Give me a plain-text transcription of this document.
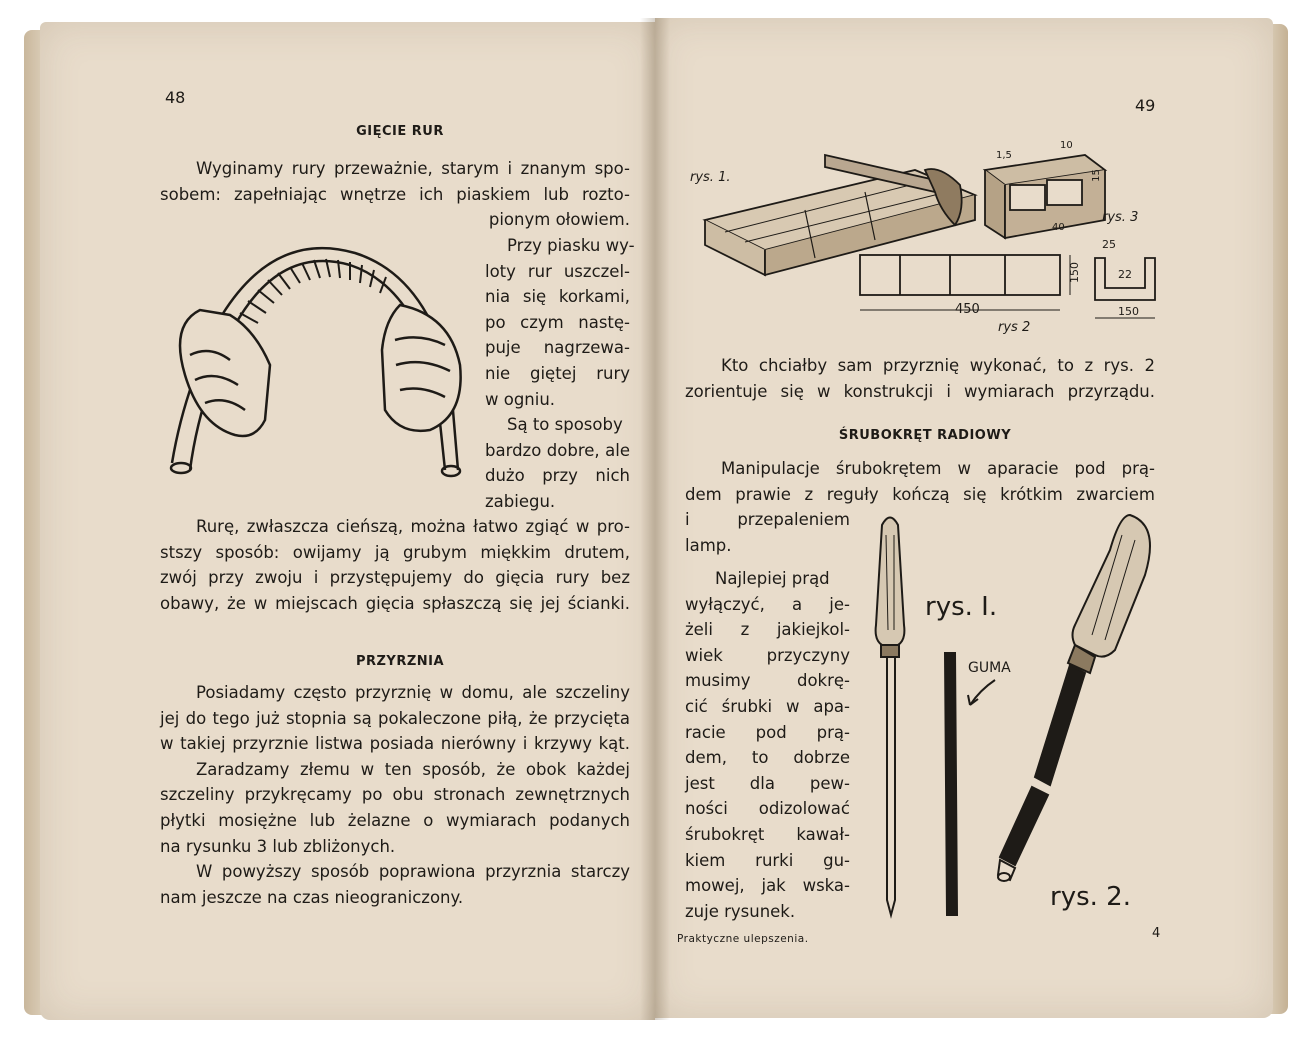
48
GIĘCIE RUR
Wyginamy rury przeważnie, starym i znanym spo-
sobem: zapełniając wnętrze ich piaskiem lub rozto-
pionym ołowiem.
Przy piasku wy-
loty rur uszczel-
nia się korkami,
po czym nastę-
puje nagrzewa-
nie giętej rury
w ogniu.
Są to sposoby
bardzo dobre, ale
dużo przy nich
zabiegu.
Rurę, zwłaszcza cieńszą, można łatwo zgiąć w pro-
stszy sposób: owijamy ją grubym miękkim drutem,
zwój przy zwoju i przystępujemy do gięcia rury bez
obawy, że w miejscach gięcia spłaszczą się jej ścianki.
PRZYRZNIA
Posiadamy często przyrznię w domu, ale szczeliny
jej do tego już stopnia są pokaleczone piłą, że przycięta
w takiej przyrznie listwa posiada nierówny i krzywy kąt.
Zaradzamy złemu w ten sposób, że obok każdej
szczeliny przykręcamy po obu stronach zewnętrznych
płytki mosiężne lub żelazne o wymiarach podanych
na rysunku 3 lub zbliżonych.
W powyższy sposób poprawiona przyrznia starczy
nam jeszcze na czas nieograniczony.
49
rys. 1.
rys. 3
450
rys 2
150
150
25
22
1,5
10
40
15
Kto chciałby sam przyrznię wykonać, to z rys. 2
zorientuje się w konstrukcji i wymiarach przyrządu.
ŚRUBOKRĘT RADIOWY
Manipulacje śrubokrętem w aparacie pod prą-
dem prawie z reguły kończą się krótkim zwarciem
i przepaleniem
lamp.
Najlepiej prąd
wyłączyć, a je-
żeli z jakiejkol-
wiek przyczyny
musimy dokrę-
cić śrubki w apa-
racie pod prą-
dem, to dobrze
jest dla pew-
ności odizolować
śrubokręt kawał-
kiem rurki gu-
mowej, jak wska-
zuje rysunek.
rys. I.
GUMA
rys. 2.
Praktyczne ulepszenia.	4
